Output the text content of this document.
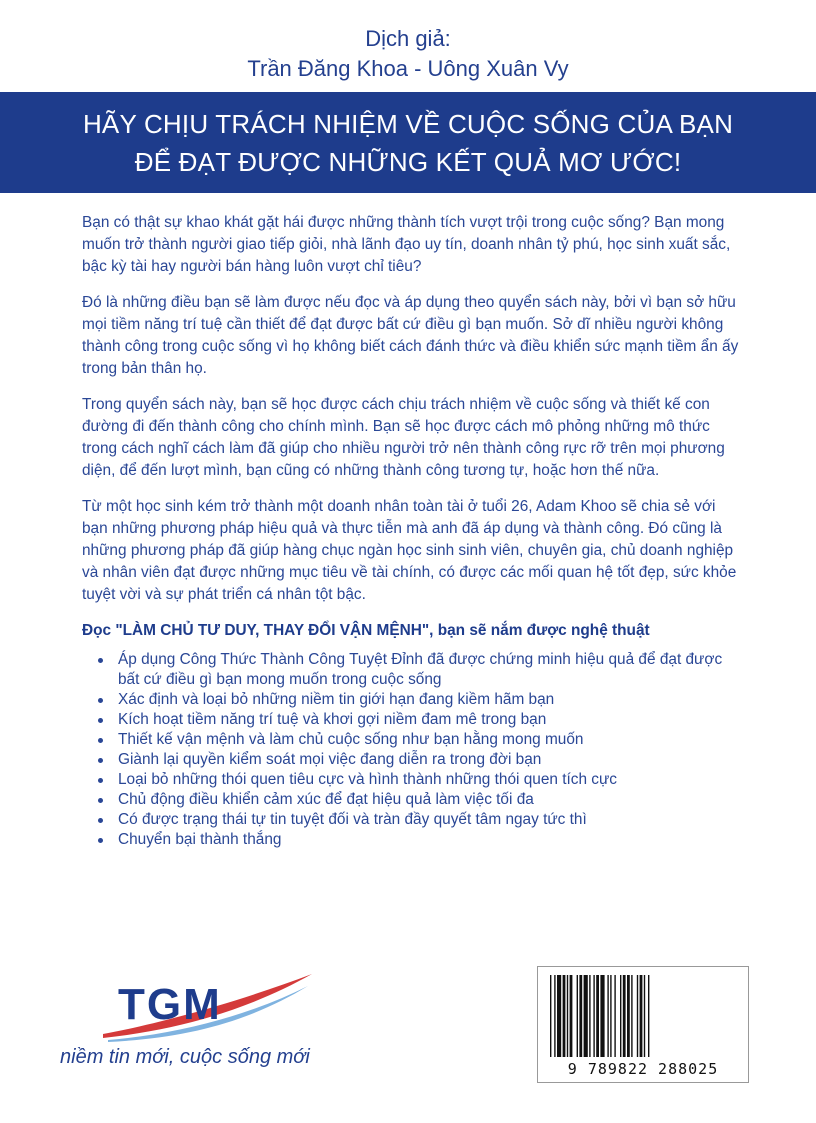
Dịch giả:
Trần Đăng Khoa - Uông Xuân Vy
HÃY CHỊU TRÁCH NHIỆM VỀ CUỘC SỐNG CỦA BẠN
ĐỂ ĐẠT ĐƯỢC NHỮNG KẾT QUẢ MƠ ƯỚC!

Bạn có thật sự khao khát gặt hái được những thành tích vượt trội trong cuộc sống? Bạn mong muốn trở thành người giao tiếp giỏi, nhà lãnh đạo uy tín, doanh nhân tỷ phú, học sinh xuất sắc, bậc kỳ tài hay người bán hàng luôn vượt chỉ tiêu?

Đó là những điều bạn sẽ làm được nếu đọc và áp dụng theo quyển sách này, bởi vì bạn sở hữu mọi tiềm năng trí tuệ cần thiết để đạt được bất cứ điều gì bạn muốn. Sở dĩ nhiều người không thành công trong cuộc sống vì họ không biết cách đánh thức và điều khiển sức mạnh tiềm ẩn ấy trong bản thân họ.

Trong quyển sách này, bạn sẽ học được cách chịu trách nhiệm về cuộc sống và thiết kế con đường đi đến thành công cho chính mình. Bạn sẽ học được cách mô phỏng những mô thức trong cách nghĩ cách làm đã giúp cho nhiều người trở nên thành công rực rỡ trên mọi phương diện, để đến lượt mình, bạn cũng có những thành công tương tự, hoặc hơn thế nữa.

Từ một học sinh kém trở thành một doanh nhân toàn tài ở tuổi 26, Adam Khoo sẽ chia sẻ với bạn những phương pháp hiệu quả và thực tiễn mà anh đã áp dụng và thành công. Đó cũng là những phương pháp đã giúp hàng chục ngàn học sinh sinh viên, chuyên gia, chủ doanh nghiệp và nhân viên đạt được những mục tiêu về tài chính, có được các mối quan hệ tốt đẹp, sức khỏe tuyệt vời và sự phát triển cá nhân tột bậc.

Đọc "LÀM CHỦ TƯ DUY, THAY ĐỔI VẬN MỆNH", bạn sẽ nắm được nghệ thuật
Áp dụng Công Thức Thành Công Tuyệt Đỉnh đã được chứng minh hiệu quả để đạt được bất cứ điều gì bạn mong muốn trong cuộc sống
Xác định và loại bỏ những niềm tin giới hạn đang kiềm hãm bạn
Kích hoạt tiềm năng trí tuệ và khơi gợi niềm đam mê trong bạn
Thiết kế vận mệnh và làm chủ cuộc sống như bạn hằng mong muốn
Giành lại quyền kiểm soát mọi việc đang diễn ra trong đời bạn
Loại bỏ những thói quen tiêu cực và hình thành những thói quen tích cực
Chủ động điều khiển cảm xúc để đạt hiệu quả làm việc tối đa
Có được trạng thái tự tin tuyệt đối và tràn đầy quyết tâm ngay tức thì
Chuyển bại thành thắng
TGM
niềm tin mới, cuộc sống mới
9 789822 288025
